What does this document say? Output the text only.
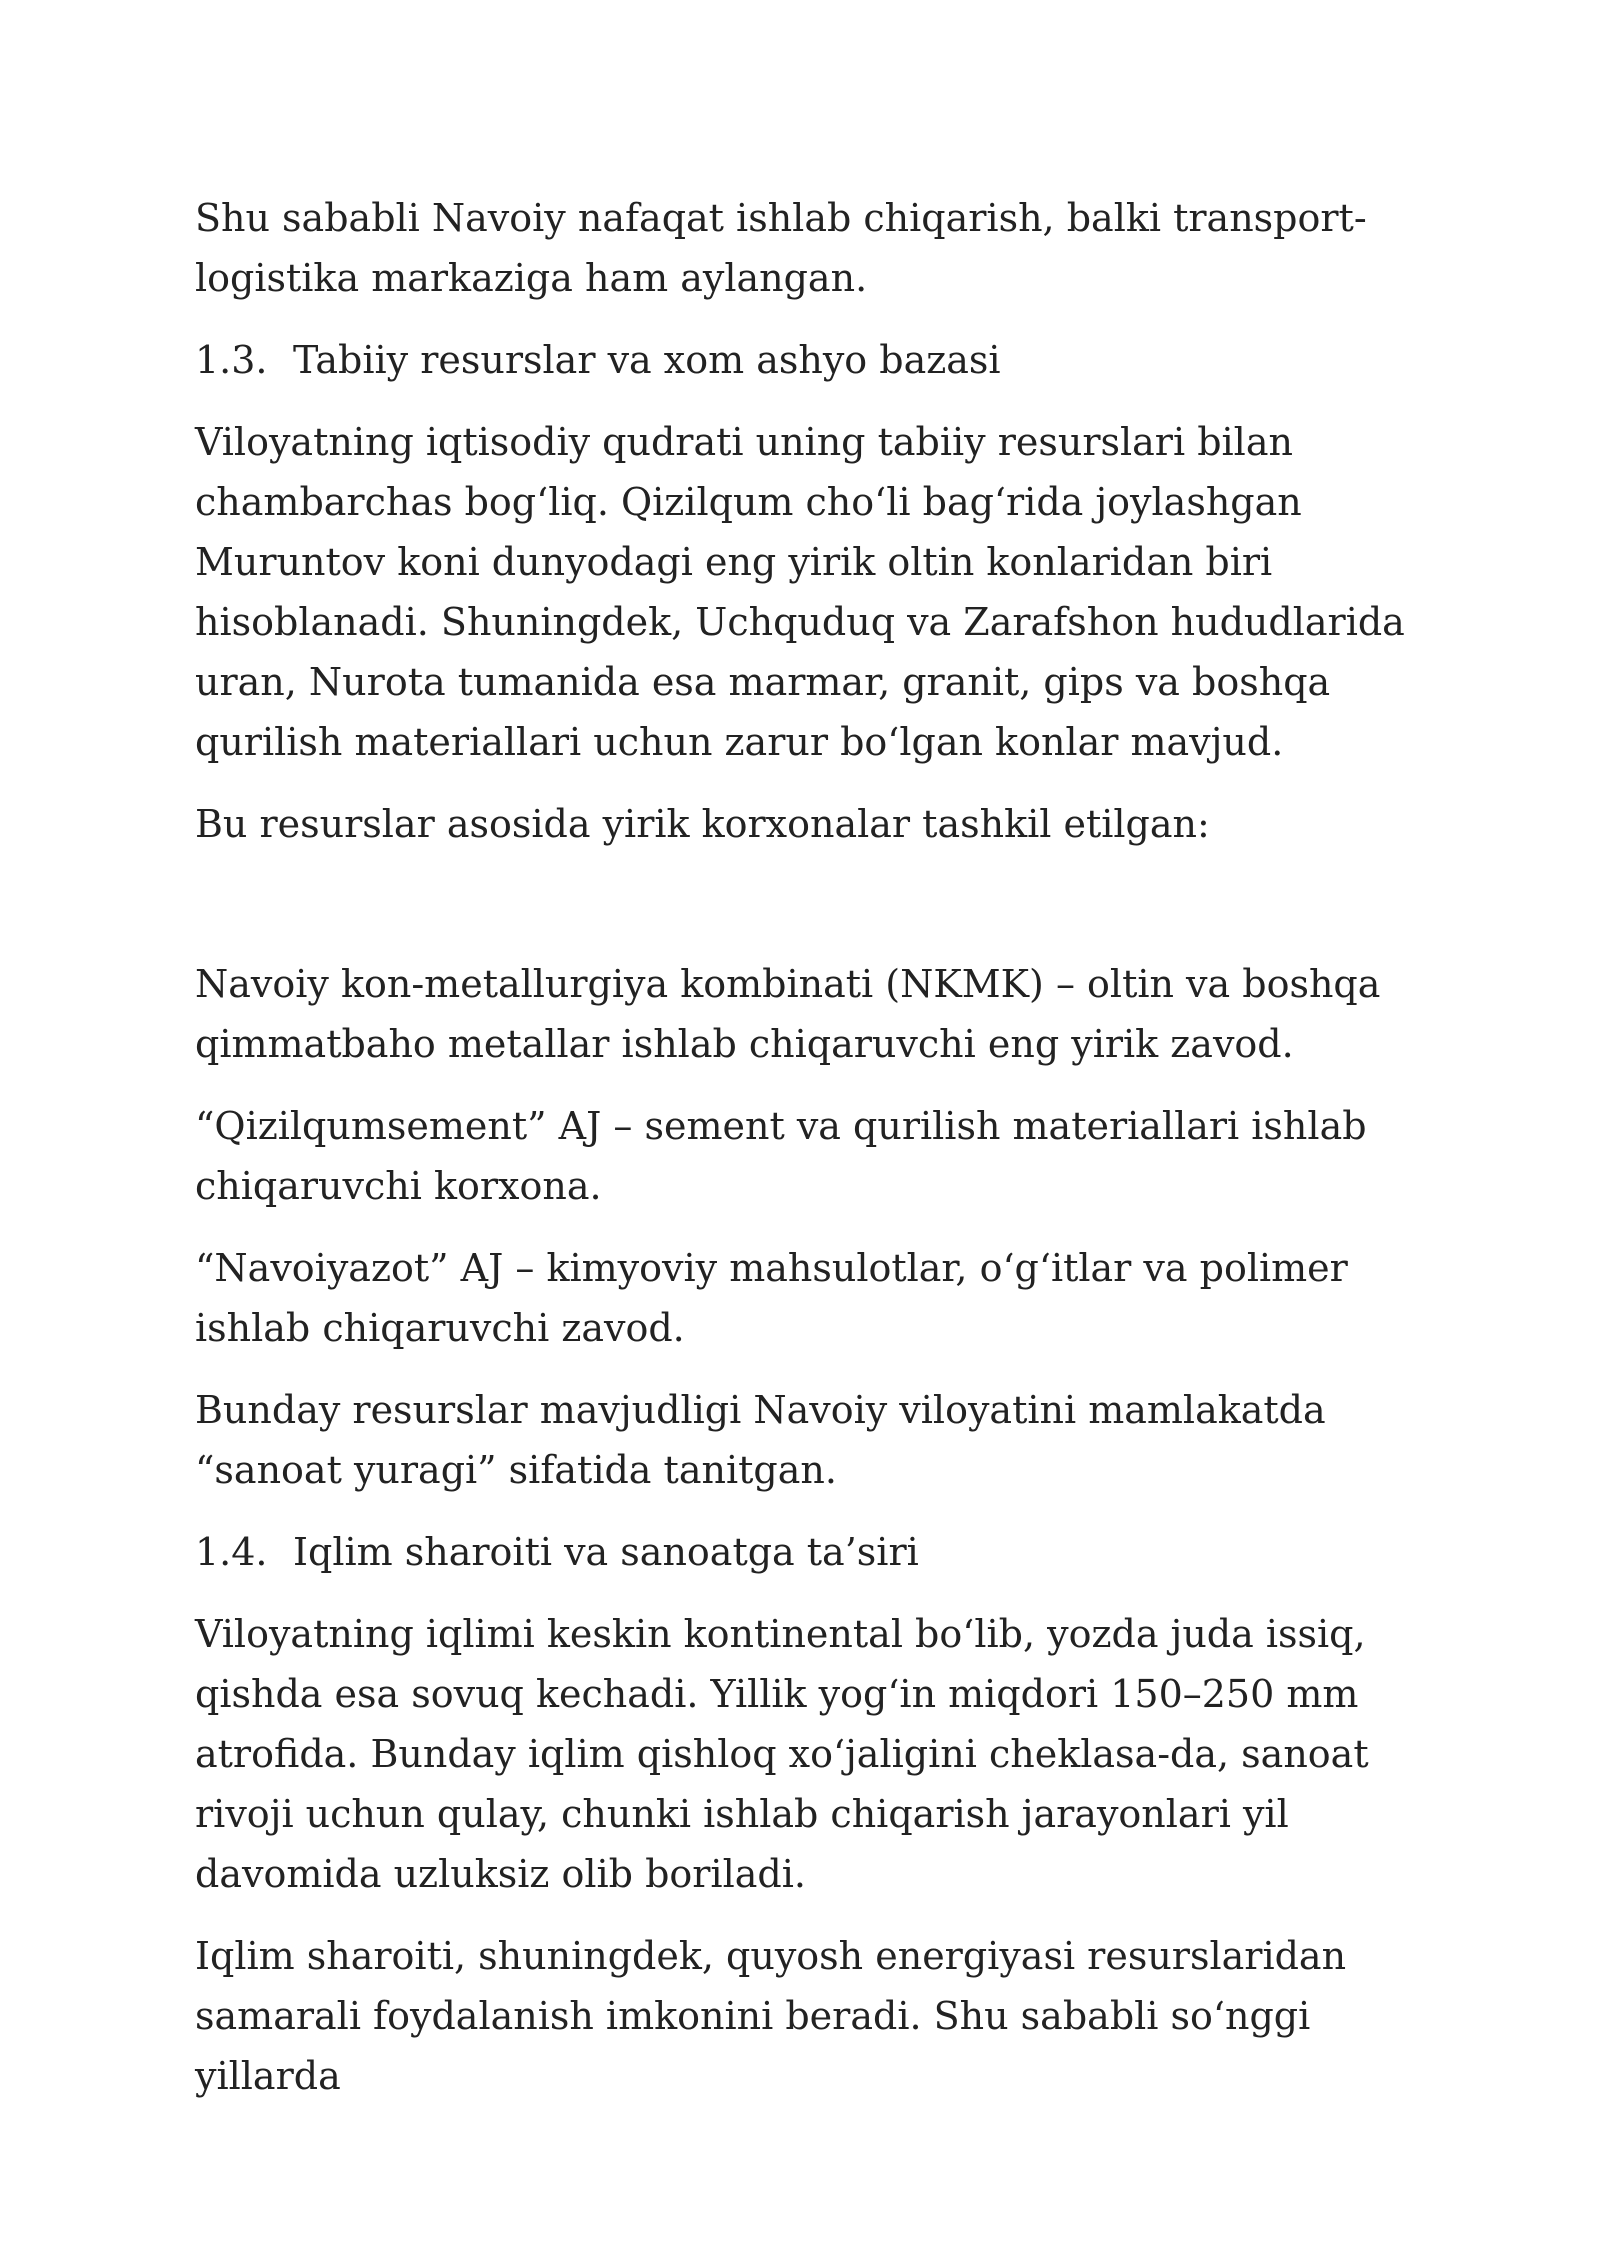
Shu sababli Navoiy nafaqat ishlab chiqarish, balki transport-logistika markaziga ham aylangan.

1.3. Tabiiy resurslar va xom ashyo bazasi

Viloyatning iqtisodiy qudrati uning tabiiy resurslari bilan chambarchas bog‘liq. Qizilqum cho‘li bag‘rida joylashgan Muruntov koni dunyodagi eng yirik oltin konlaridan biri hisoblanadi. Shuningdek, Uchquduq va Zarafshon hududlarida uran, Nurota tumanida esa marmar, granit, gips va boshqa qurilish materiallari uchun zarur bo‘lgan konlar mavjud.

Bu resurslar asosida yirik korxonalar tashkil etilgan:

Navoiy kon-metallurgiya kombinati (NKMK) – oltin va boshqa qimmatbaho metallar ishlab chiqaruvchi eng yirik zavod.

“Qizilqumsement” AJ – sement va qurilish materiallari ishlab chiqaruvchi korxona.

“Navoiyazot” AJ – kimyoviy mahsulotlar, o‘g‘itlar va polimer ishlab chiqaruvchi zavod.

Bunday resurslar mavjudligi Navoiy viloyatini mamlakatda “sanoat yuragi” sifatida tanitgan.

1.4. Iqlim sharoiti va sanoatga ta’siri

Viloyatning iqlimi keskin kontinental bo‘lib, yozda juda issiq, qishda esa sovuq kechadi. Yillik yog‘in miqdori 150–250 mm atrofida. Bunday iqlim qishloq xo‘jaligini cheklasa-da, sanoat rivoji uchun qulay, chunki ishlab chiqarish jarayonlari yil davomida uzluksiz olib boriladi.

Iqlim sharoiti, shuningdek, quyosh energiyasi resurslaridan samarali foydalanish imkonini beradi. Shu sababli so‘nggi yillarda
